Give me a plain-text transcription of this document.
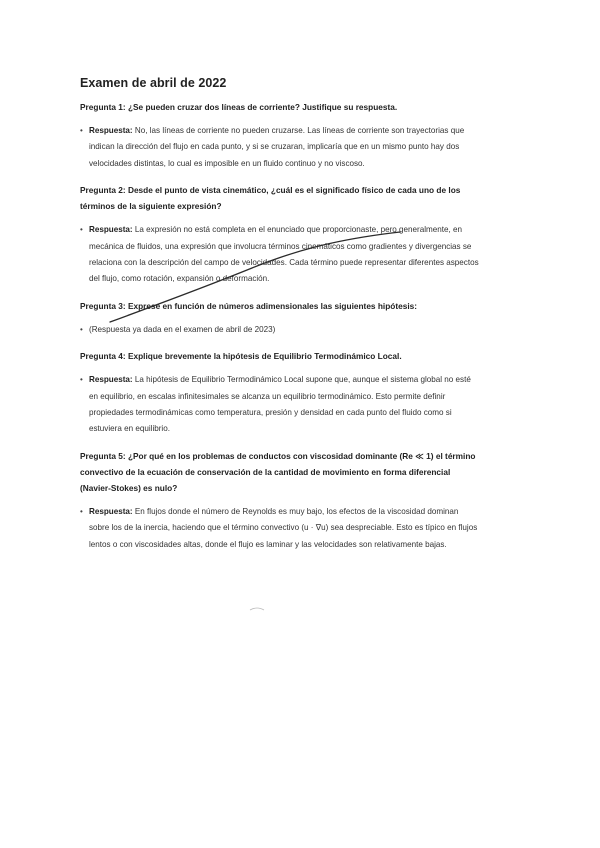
Examen de abril de 2022

Pregunta 1: ¿Se pueden cruzar dos líneas de corriente? Justifique su respuesta.

• Respuesta: No, las líneas de corriente no pueden cruzarse. Las líneas de corriente son trayectorias que indican la dirección del flujo en cada punto, y si se cruzaran, implicaría que en un mismo punto hay dos velocidades distintas, lo cual es imposible en un fluido continuo y no viscoso.

Pregunta 2: Desde el punto de vista cinemático, ¿cuál es el significado físico de cada uno de los términos de la siguiente expresión?

• Respuesta: La expresión no está completa en el enunciado que proporcionaste, pero generalmente, en mecánica de fluidos, una expresión que involucra términos cinemáticos como gradientes y divergencias se relaciona con la descripción del campo de velocidades. Cada término puede representar diferentes aspectos del flujo, como rotación, expansión o deformación.

Pregunta 3: Exprese en función de números adimensionales las siguientes hipótesis:

• (Respuesta ya dada en el examen de abril de 2023)

Pregunta 4: Explique brevemente la hipótesis de Equilibrio Termodinámico Local.

• Respuesta: La hipótesis de Equilibrio Termodinámico Local supone que, aunque el sistema global no esté en equilibrio, en escalas infinitesimales se alcanza un equilibrio termodinámico. Esto permite definir propiedades termodinámicas como temperatura, presión y densidad en cada punto del fluido como si estuviera en equilibrio.

Pregunta 5: ¿Por qué en los problemas de conductos con viscosidad dominante (Re ≪ 1) el término convectivo de la ecuación de conservación de la cantidad de movimiento en forma diferencial (Navier-Stokes) es nulo?

• Respuesta: En flujos donde el número de Reynolds es muy bajo, los efectos de la viscosidad dominan sobre los de la inercia, haciendo que el término convectivo (u · ∇u) sea despreciable. Esto es típico en flujos lentos o con viscosidades altas, donde el flujo es laminar y las velocidades son relativamente bajas.
